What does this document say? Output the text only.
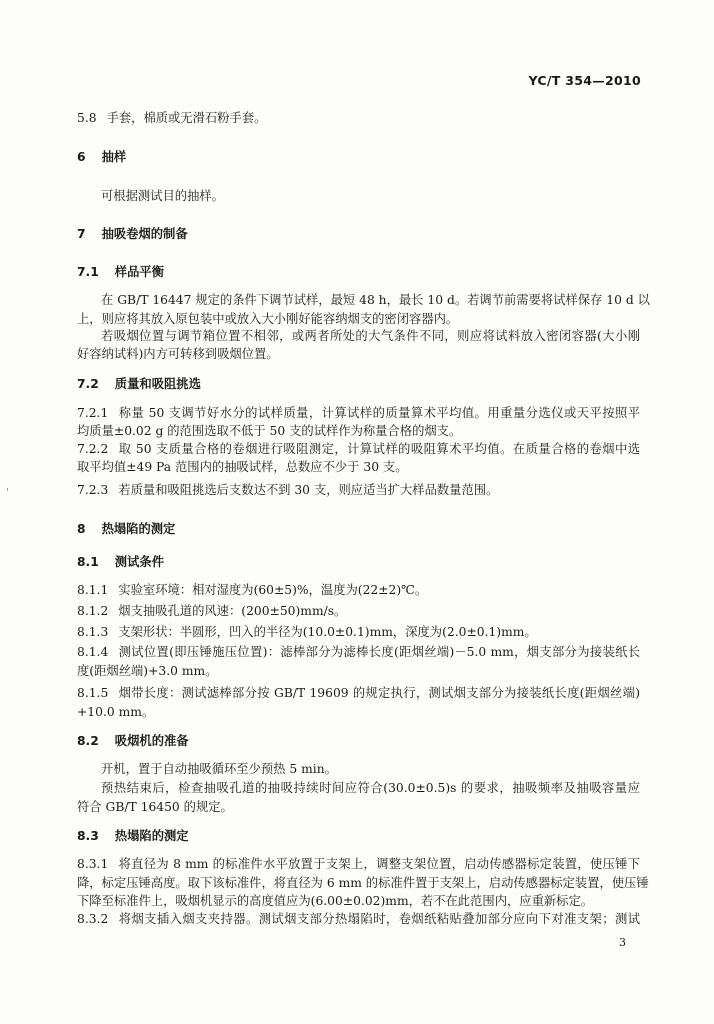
YC/T 354—2010
5.8 手套，棉质或无滑石粉手套。
6 抽样
可根据测试目的抽样。
7 抽吸卷烟的制备
7.1 样品平衡
在 GB/T 16447 规定的条件下调节试样，最短 48 h，最长 10 d。若调节前需要将试样保存 10 d 以
上，则应将其放入原包装中或放入大小刚好能容纳烟支的密闭容器内。
若吸烟位置与调节箱位置不相邻，或两者所处的大气条件不同，则应将试料放入密闭容器(大小刚
好容纳试料)内方可转移到吸烟位置。
7.2 质量和吸阻挑选
7.2.1 称量 50 支调节好水分的试样质量，计算试样的质量算术平均值。用重量分选仪或天平按照平
均质量±0.02 g 的范围选取不低于 50 支的试样作为称量合格的烟支。
7.2.2 取 50 支质量合格的卷烟进行吸阻测定，计算试样的吸阻算术平均值。在质量合格的卷烟中选
取平均值±49 Pa 范围内的抽吸试样，总数应不少于 30 支。
7.2.3 若质量和吸阻挑选后支数达不到 30 支，则应适当扩大样品数量范围。
8 热塌陷的测定
8.1 测试条件
8.1.1 实验室环境：相对湿度为(60±5)%，温度为(22±2)℃。
8.1.2 烟支抽吸孔道的风速：(200±50)mm/s。
8.1.3 支架形状：半圆形，凹入的半径为(10.0±0.1)mm，深度为(2.0±0.1)mm。
8.1.4 测试位置(即压锤施压位置)：滤棒部分为滤棒长度(距烟丝端)－5.0 mm，烟支部分为接装纸长
度(距烟丝端)+3.0 mm。
8.1.5 烟带长度：测试滤棒部分按 GB/T 19609 的规定执行，测试烟支部分为接装纸长度(距烟丝端)
+10.0 mm。
8.2 吸烟机的准备
开机，置于自动抽吸循环至少预热 5 min。
预热结束后，检查抽吸孔道的抽吸持续时间应符合(30.0±0.5)s 的要求，抽吸频率及抽吸容量应
符合 GB/T 16450 的规定。
8.3 热塌陷的测定
8.3.1 将直径为 8 mm 的标准件水平放置于支架上，调整支架位置，启动传感器标定装置，使压锤下
降，标定压锤高度。取下该标准件，将直径为 6 mm 的标准件置于支架上，启动传感器标定装置，使压锤
下降至标准件上，吸烟机显示的高度值应为(6.00±0.02)mm，若不在此范围内，应重新标定。
8.3.2 将烟支插入烟支夹持器。测试烟支部分热塌陷时，卷烟纸粘贴叠加部分应向下对准支架；测试
3
